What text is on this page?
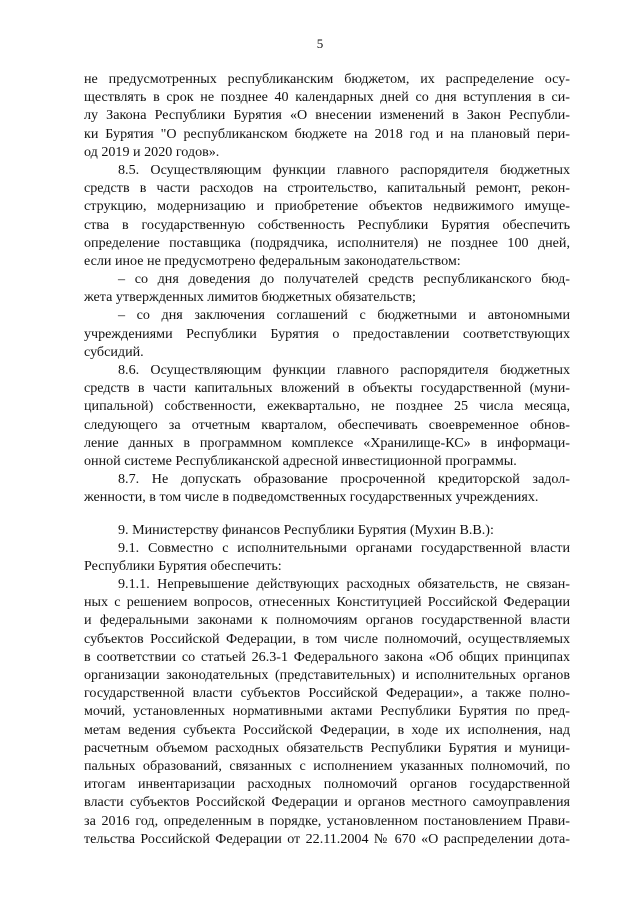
5
не предусмотренных республиканским бюджетом, их распределение осу-
ществлять в срок не позднее 40 календарных дней со дня вступления в си-
лу Закона Республики Бурятия «О внесении изменений в Закон Республи-
ки Бурятия "О республиканском бюджете на 2018 год и на плановый пери-
од 2019 и 2020 годов».
8.5. Осуществляющим функции главного распорядителя бюджетных
средств в части расходов на строительство, капитальный ремонт, рекон-
струкцию, модернизацию и приобретение объектов недвижимого имуще-
ства в государственную собственность Республики Бурятия обеспечить
определение поставщика (подрядчика, исполнителя) не позднее 100 дней,
если иное не предусмотрено федеральным законодательством:
– со дня доведения до получателей средств республиканского бюд-
жета утвержденных лимитов бюджетных обязательств;
– со дня заключения соглашений с бюджетными и автономными
учреждениями Республики Бурятия о предоставлении соответствующих
субсидий.
8.6. Осуществляющим функции главного распорядителя бюджетных
средств в части капитальных вложений в объекты государственной (муни-
ципальной) собственности, ежеквартально, не позднее 25 числа месяца,
следующего за отчетным кварталом, обеспечивать своевременное обнов-
ление данных в программном комплексе «Хранилище-КС» в информаци-
онной системе Республиканской адресной инвестиционной программы.
8.7. Не допускать образование просроченной кредиторской задол-
женности, в том числе в подведомственных государственных учреждениях.
9. Министерству финансов Республики Бурятия (Мухин В.В.):
9.1. Совместно с исполнительными органами государственной власти
Республики Бурятия обеспечить:
9.1.1. Непревышение действующих расходных обязательств, не связан-
ных с решением вопросов, отнесенных Конституцией Российской Федерации
и федеральными законами к полномочиям органов государственной власти
субъектов Российской Федерации, в том числе полномочий, осуществляемых
в соответствии со статьей 26.3-1 Федерального закона «Об общих принципах
организации законодательных (представительных) и исполнительных органов
государственной власти субъектов Российской Федерации», а также полно-
мочий, установленных нормативными актами Республики Бурятия по пред-
метам ведения субъекта Российской Федерации, в ходе их исполнения, над
расчетным объемом расходных обязательств Республики Бурятия и муници-
пальных образований, связанных с исполнением указанных полномочий, по
итогам инвентаризации расходных полномочий органов государственной
власти субъектов Российской Федерации и органов местного самоуправления
за 2016 год, определенным в порядке, установленном постановлением Прави-
тельства Российской Федерации от 22.11.2004 № 670 «О распределении дота-
